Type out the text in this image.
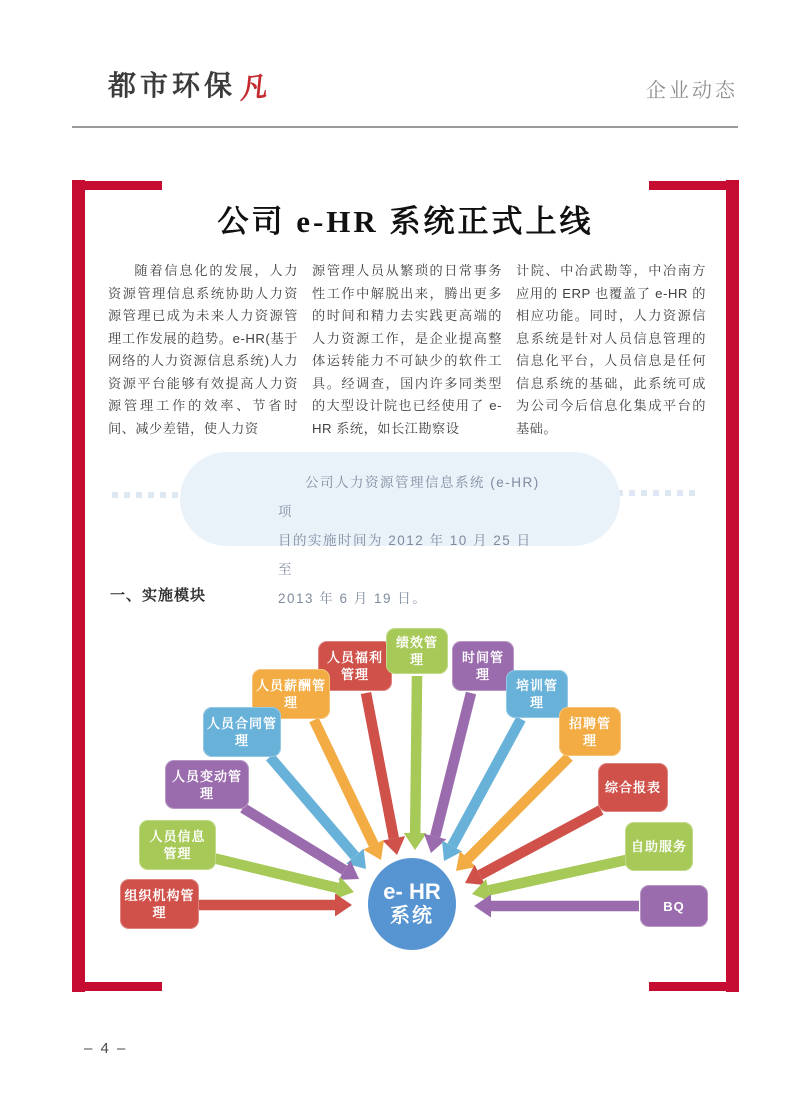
都市环保 凡	企业动态
公司 e-HR 系统正式上线
随着信息化的发展，人力资源管理信息系统协助人力资源管理已成为未来人力资源管理工作发展的趋势。e-HR(基于网络的人力资源信息系统)人力资源平台能够有效提高人力资源管理工作的效率、节省时间、减少差错，使人力资
源管理人员从繁琐的日常事务性工作中解脱出来，腾出更多的时间和精力去实践更高端的人力资源工作，是企业提高整体运转能力不可缺少的软件工具。经调查，国内许多同类型的大型设计院也已经使用了 e-HR 系统，如长江勘察设
计院、中冶武勘等，中冶南方应用的 ERP 也覆盖了 e-HR 的相应功能。同时，人力资源信息系统是针对人员信息管理的信息化平台，人员信息是任何信息系统的基础，此系统可成为公司今后信息化集成平台的基础。
公司人力资源管理信息系统 (e-HR)项
目的实施时间为 2012 年 10 月 25 日至
2013 年 6 月 19 日。
一、实施模块
e- HR
系统
人员福利管理
绩效管理	时间管理
人员薪酬管理
培训管理
人员合同管理
招聘管理
人员变动管理	综合报表
人员信息管理	自助服务
组织机构管理	BQ
– 4 –
